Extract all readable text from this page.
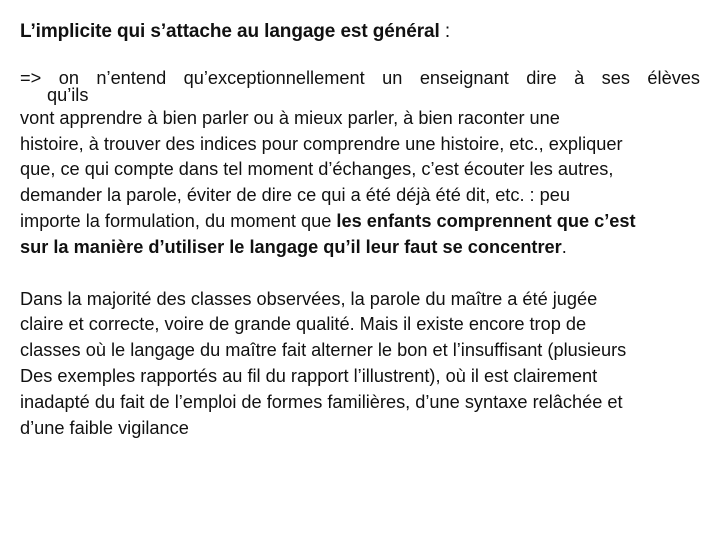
L’implicite qui s’attache au langage est général :
=> on n’entend qu’exceptionnellement un enseignant dire à ses élèves
qu’ils
vont apprendre à bien parler ou à mieux parler, à bien raconter une
histoire, à trouver des indices pour comprendre une histoire, etc., expliquer
que, ce qui compte dans tel moment d’échanges, c’est écouter les autres,
demander la parole, éviter de dire ce qui a été déjà été dit, etc. : peu
importe la formulation, du moment que les enfants comprennent que c’est
sur la manière d’utiliser le langage qu’il leur faut se concentrer.
Dans la majorité des classes observées, la parole du maître a été jugée
claire et correcte, voire de grande qualité. Mais il existe encore trop de
classes où le langage du maître fait alterner le bon et l’insuffisant (plusieurs
Des exemples rapportés au fil du rapport l’illustrent), où il est clairement
inadapté du fait de l’emploi de formes familières, d’une syntaxe relâchée et
d’une faible vigilance
